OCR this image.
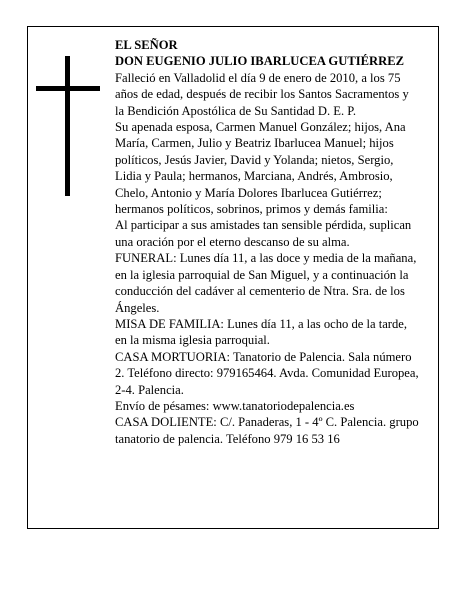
EL SEÑOR
DON EUGENIO JULIO IBARLUCEA GUTIÉRREZ
Falleció en Valladolid el día 9 de enero de 2010, a los 75 años de edad, después de recibir los Santos Sacramentos y la Bendición Apostólica de Su Santidad D. E. P.
Su apenada esposa, Carmen Manuel González; hijos, Ana María, Carmen, Julio y Beatriz Ibarlucea Manuel; hijos políticos, Jesús Javier, David y Yolanda; nietos, Sergio, Lidia y Paula; hermanos, Marciana, Andrés, Ambrosio, Chelo, Antonio y María Dolores Ibarlucea Gutiérrez; hermanos políticos, sobrinos, primos y demás familia:
Al participar a sus amistades tan sensible pérdida, suplican una oración por el eterno descanso de su alma.
FUNERAL: Lunes día 11, a las doce y media de la mañana, en la iglesia parroquial de San Miguel, y a continuación la conducción del cadáver al cementerio de Ntra. Sra. de los Ángeles.
MISA DE FAMILIA: Lunes día 11, a las ocho de la tarde, en la misma iglesia parroquial.
CASA MORTUORIA: Tanatorio de Palencia. Sala número 2. Teléfono directo: 979165464. Avda. Comunidad Europea, 2-4. Palencia.
Envío de pésames: www.tanatoriodepalencia.es
CASA DOLIENTE: C/. Panaderas, 1 - 4º C. Palencia. grupo tanatorio de palencia. Teléfono 979 16 53 16
